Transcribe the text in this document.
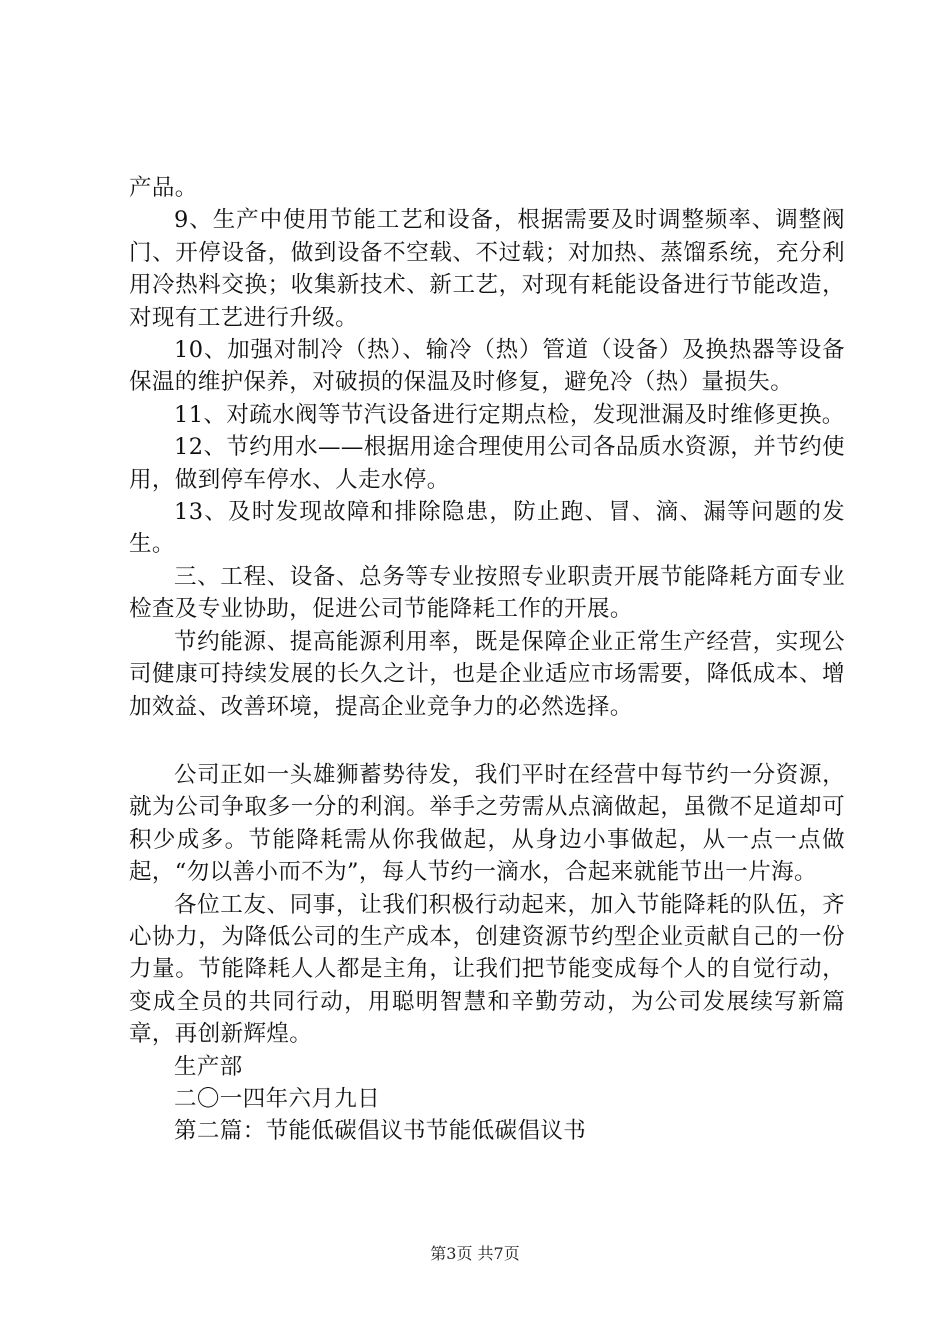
产品。

9、生产中使用节能工艺和设备，根据需要及时调整频率、调整阀门、开停设备，做到设备不空载、不过载；对加热、蒸馏系统，充分利用冷热料交换；收集新技术、新工艺，对现有耗能设备进行节能改造，对现有工艺进行升级。

10、加强对制冷（热）、输冷（热）管道（设备）及换热器等设备保温的维护保养，对破损的保温及时修复，避免冷（热）量损失。

11、对疏水阀等节汽设备进行定期点检，发现泄漏及时维修更换。

12、节约用水——根据用途合理使用公司各品质水资源，并节约使用，做到停车停水、人走水停。

13、及时发现故障和排除隐患，防止跑、冒、滴、漏等问题的发生。

三、工程、设备、总务等专业按照专业职责开展节能降耗方面专业检查及专业协助，促进公司节能降耗工作的开展。

节约能源、提高能源利用率，既是保障企业正常生产经营，实现公司健康可持续发展的长久之计，也是企业适应市场需要，降低成本、增加效益、改善环境，提高企业竞争力的必然选择。

公司正如一头雄狮蓄势待发，我们平时在经营中每节约一分资源，就为公司争取多一分的利润。举手之劳需从点滴做起，虽微不足道却可积少成多。节能降耗需从你我做起，从身边小事做起，从一点一点做起，“勿以善小而不为”，每人节约一滴水，合起来就能节出一片海。

各位工友、同事，让我们积极行动起来，加入节能降耗的队伍，齐心协力，为降低公司的生产成本，创建资源节约型企业贡献自己的一份力量。节能降耗人人都是主角，让我们把节能变成每个人的自觉行动，变成全员的共同行动，用聪明智慧和辛勤劳动，为公司发展续写新篇章，再创新辉煌。

生产部

二〇一四年六月九日

第二篇：节能低碳倡议书节能低碳倡议书

第3页 共7页
